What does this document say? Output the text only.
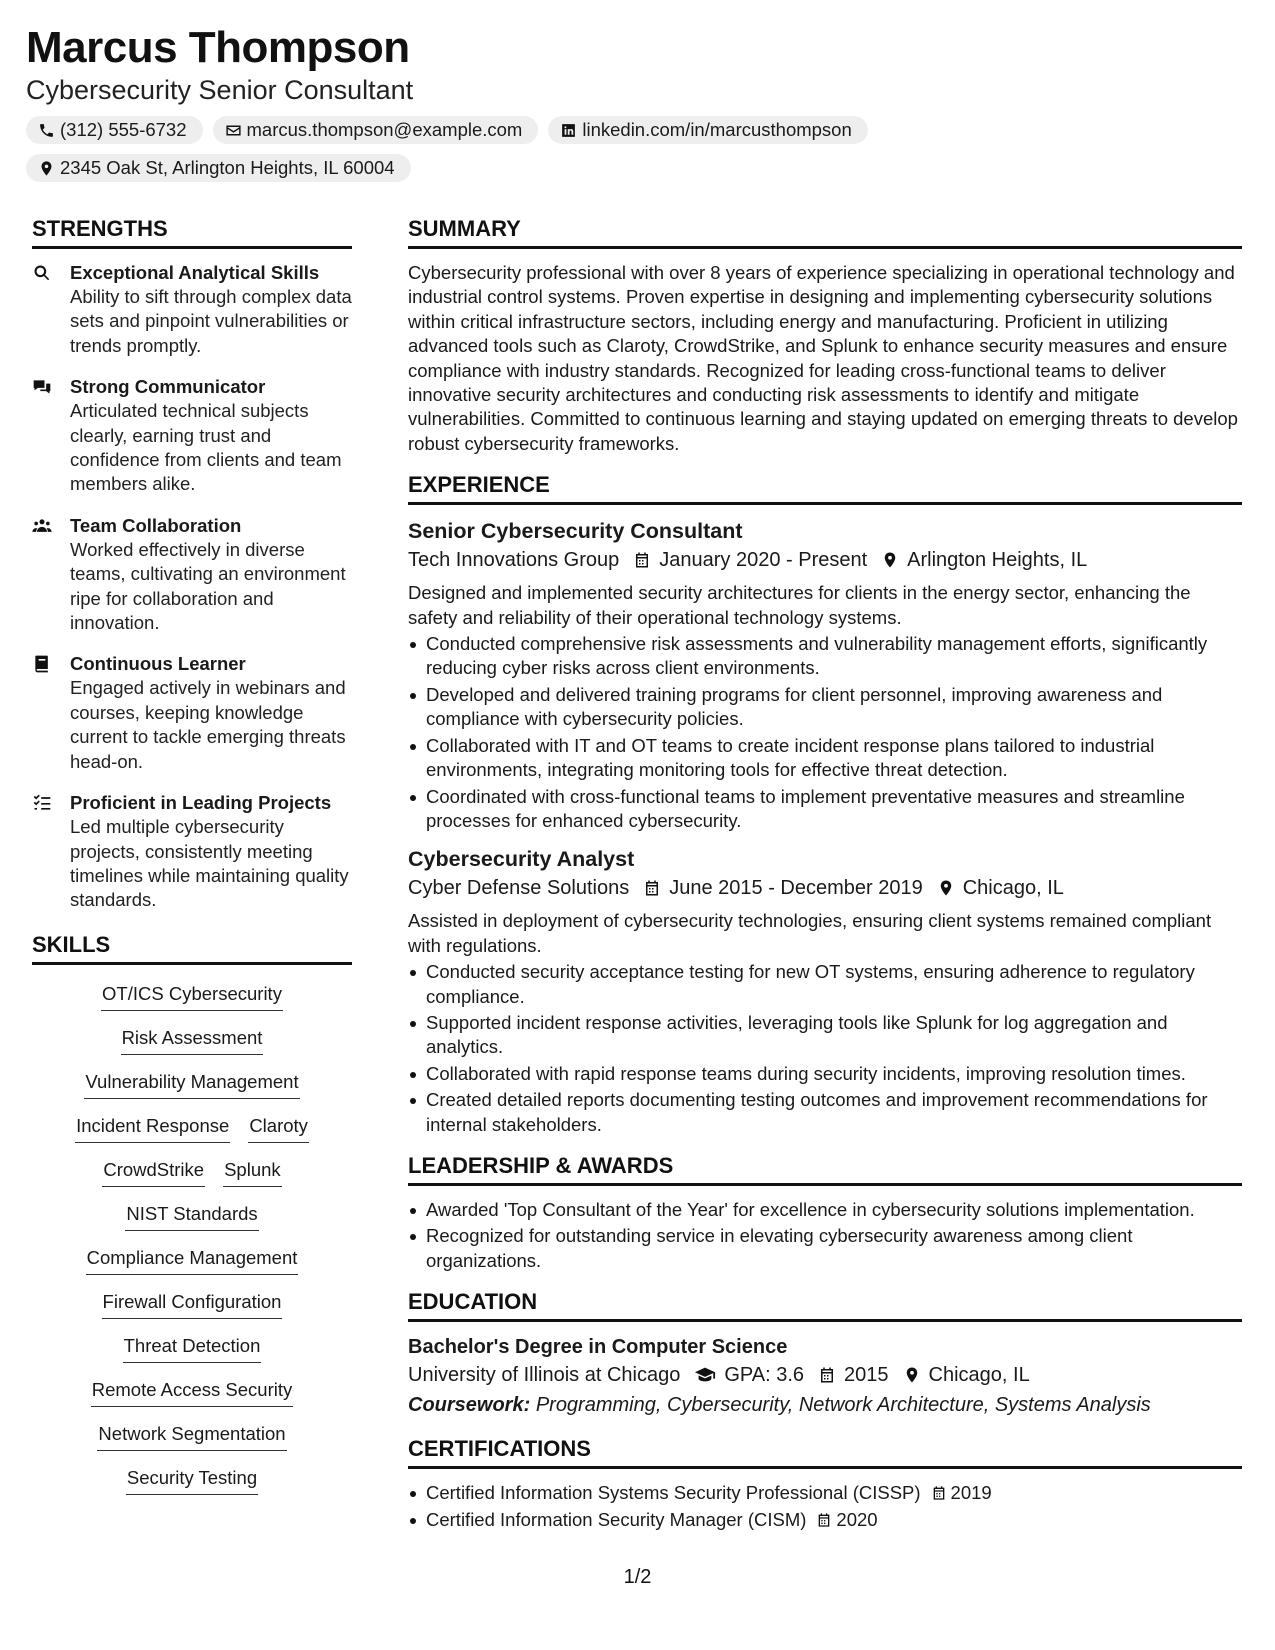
Marcus Thompson
Cybersecurity Senior Consultant
(312) 555-6732	marcus.thompson@example.com	linkedin.com/in/marcusthompson
2345 Oak St, Arlington Heights, IL 60004
STRENGTHS
Exceptional Analytical Skills
Ability to sift through complex data sets and pinpoint vulnerabilities or trends promptly.
Strong Communicator
Articulated technical subjects clearly, earning trust and confidence from clients and team members alike.
Team Collaboration
Worked effectively in diverse teams, cultivating an environment ripe for collaboration and innovation.
Continuous Learner
Engaged actively in webinars and courses, keeping knowledge current to tackle emerging threats head-on.
Proficient in Leading Projects
Led multiple cybersecurity projects, consistently meeting timelines while maintaining quality standards.
SKILLS
OT/ICS Cybersecurity
Risk Assessment
Vulnerability Management
Incident Response Claroty
CrowdStrike Splunk
NIST Standards
Compliance Management
Firewall Configuration
Threat Detection
Remote Access Security
Network Segmentation
Security Testing
SUMMARY
Cybersecurity professional with over 8 years of experience specializing in operational technology and industrial control systems. Proven expertise in designing and implementing cybersecurity solutions within critical infrastructure sectors, including energy and manufacturing. Proficient in utilizing advanced tools such as Claroty, CrowdStrike, and Splunk to enhance security measures and ensure compliance with industry standards. Recognized for leading cross-functional teams to deliver innovative security architectures and conducting risk assessments to identify and mitigate vulnerabilities. Committed to continuous learning and staying updated on emerging threats to develop robust cybersecurity frameworks.
EXPERIENCE
Senior Cybersecurity Consultant
Tech Innovations Group January 2020 - Present Arlington Heights, IL
Designed and implemented security architectures for clients in the energy sector, enhancing the safety and reliability of their operational technology systems.
Conducted comprehensive risk assessments and vulnerability management efforts, significantly reducing cyber risks across client environments.
Developed and delivered training programs for client personnel, improving awareness and compliance with cybersecurity policies.
Collaborated with IT and OT teams to create incident response plans tailored to industrial environments, integrating monitoring tools for effective threat detection.
Coordinated with cross-functional teams to implement preventative measures and streamline processes for enhanced cybersecurity.
Cybersecurity Analyst
Cyber Defense Solutions June 2015 - December 2019 Chicago, IL
Assisted in deployment of cybersecurity technologies, ensuring client systems remained compliant with regulations.
Conducted security acceptance testing for new OT systems, ensuring adherence to regulatory compliance.
Supported incident response activities, leveraging tools like Splunk for log aggregation and analytics.
Collaborated with rapid response teams during security incidents, improving resolution times.
Created detailed reports documenting testing outcomes and improvement recommendations for internal stakeholders.
LEADERSHIP & AWARDS
Awarded 'Top Consultant of the Year' for excellence in cybersecurity solutions implementation.
Recognized for outstanding service in elevating cybersecurity awareness among client organizations.
EDUCATION
Bachelor's Degree in Computer Science
University of Illinois at Chicago GPA: 3.6 2015 Chicago, IL
Coursework: Programming, Cybersecurity, Network Architecture, Systems Analysis
CERTIFICATIONS
Certified Information Systems Security Professional (CISSP) 2019
Certified Information Security Manager (CISM) 2020
1/2
